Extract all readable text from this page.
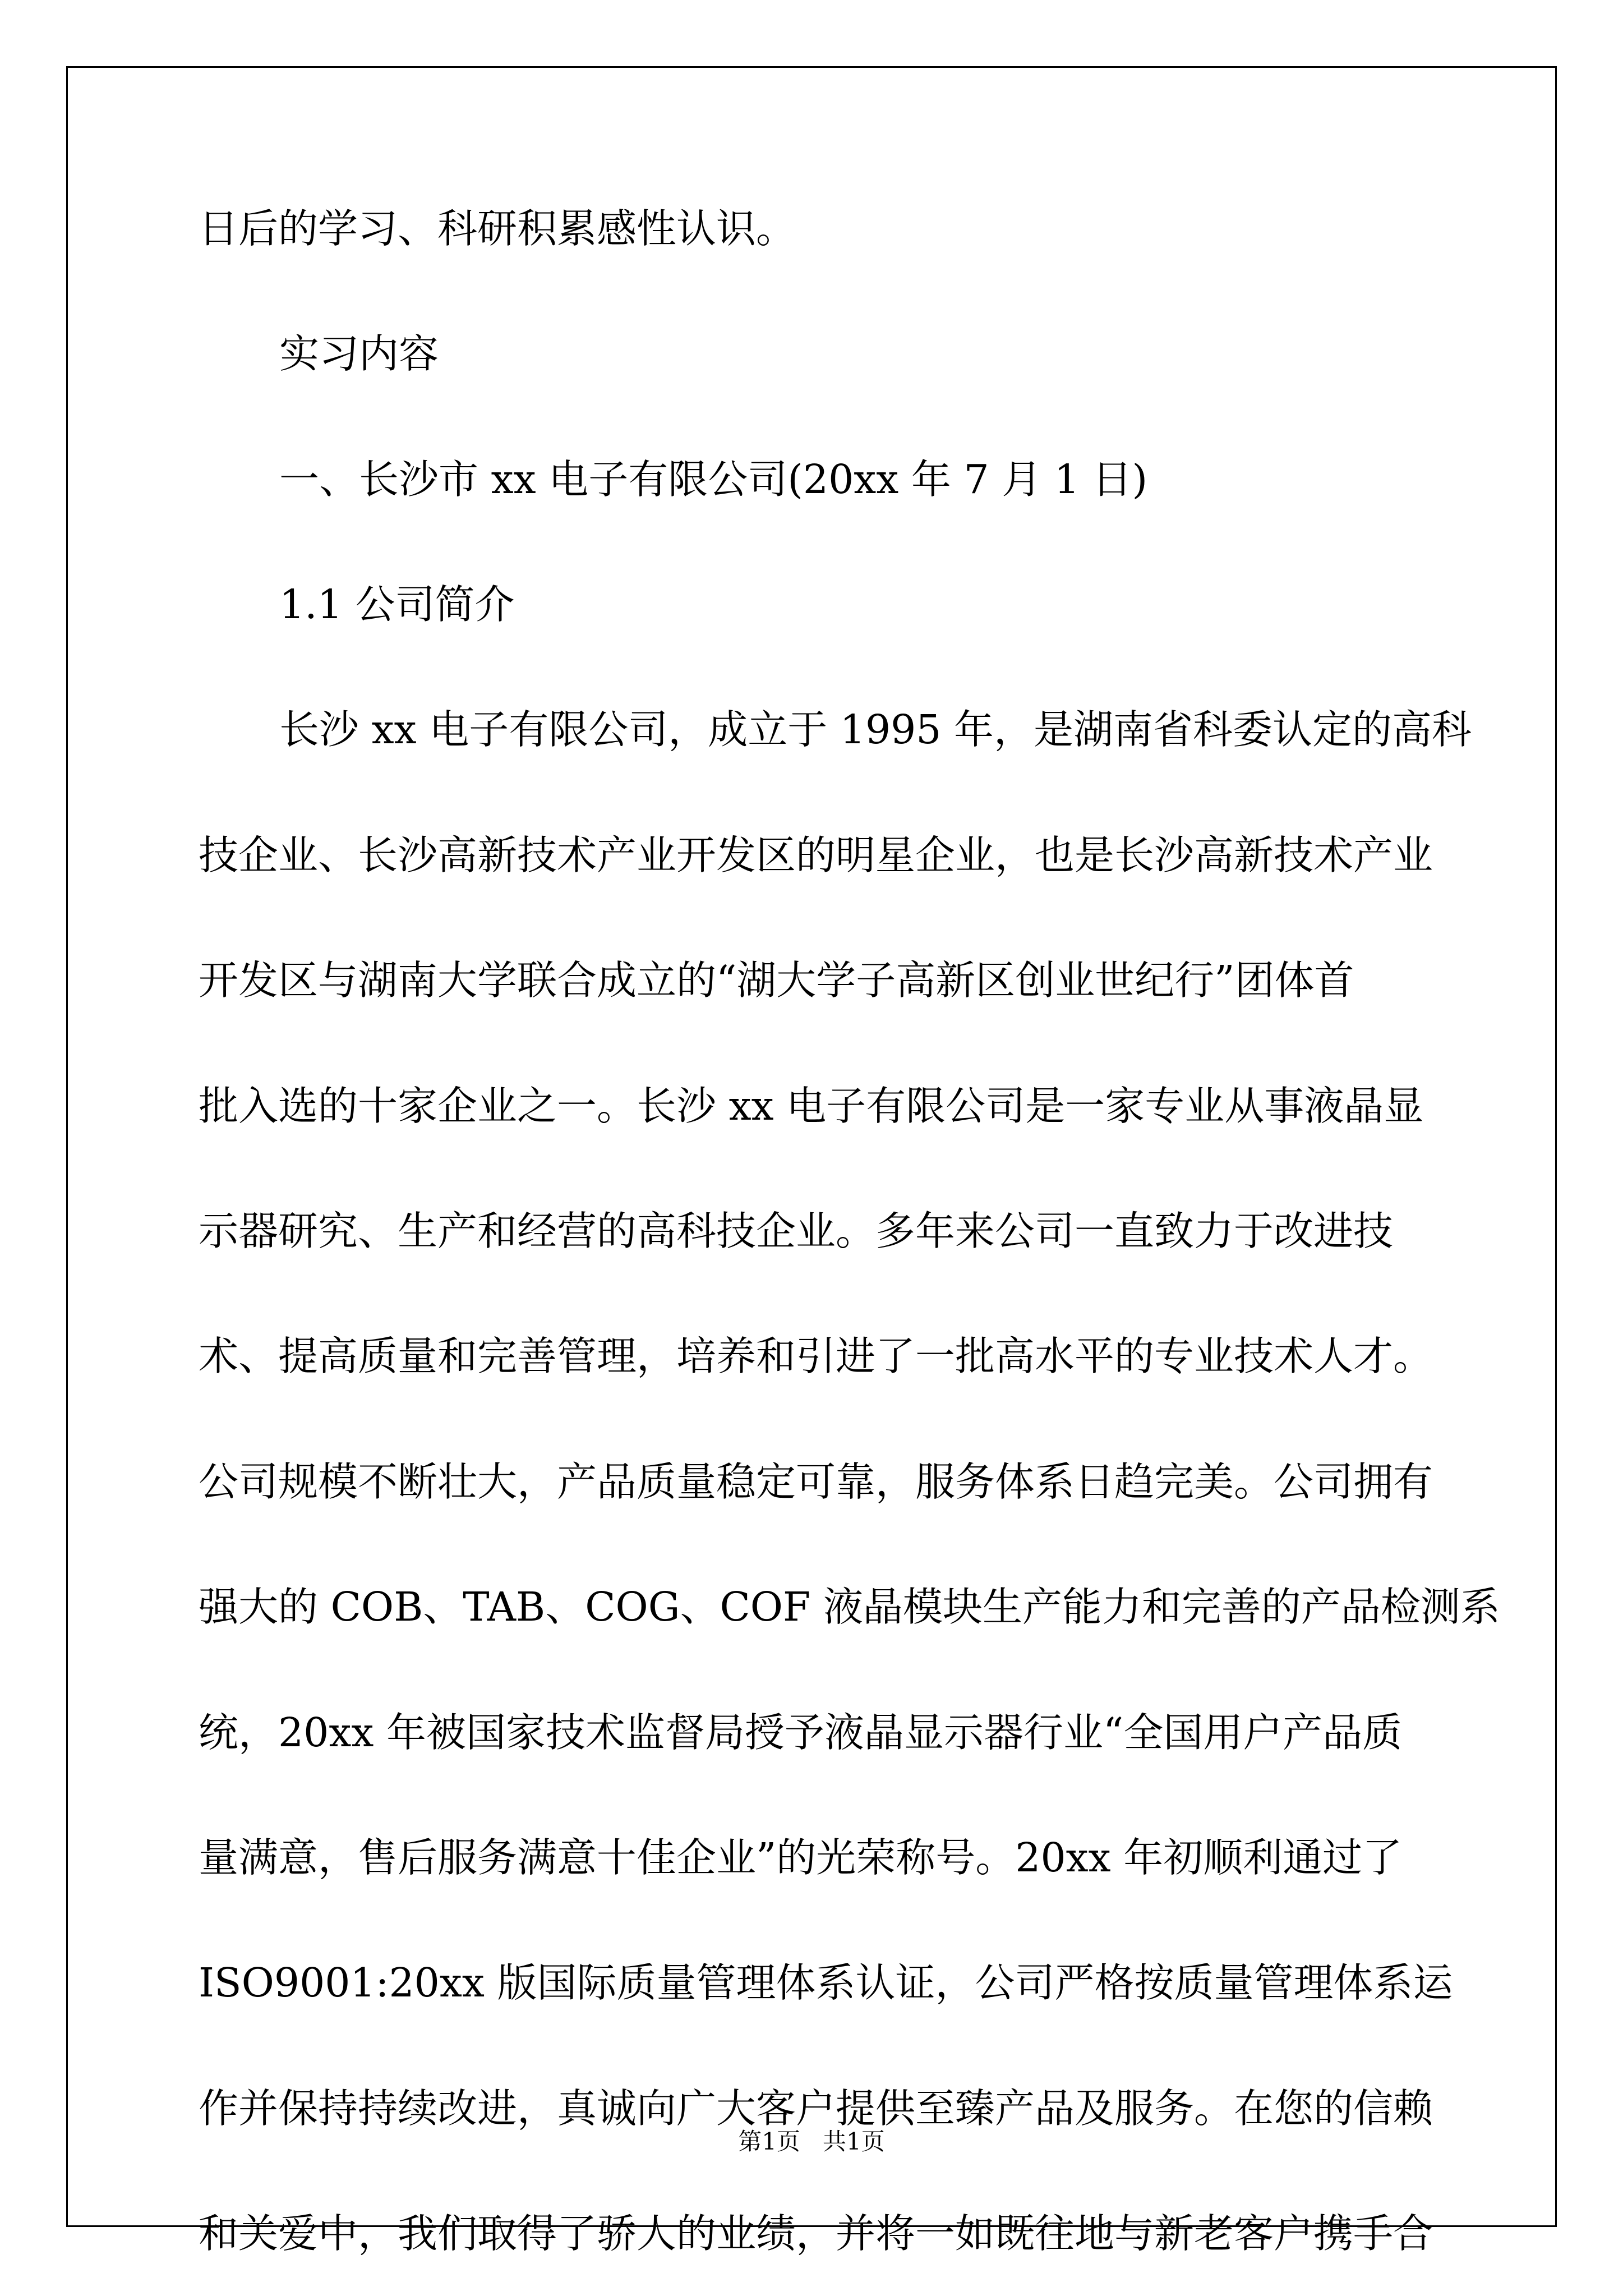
日后的学习、科研积累感性认识。
实习内容
一、长沙市 xx 电子有限公司(20xx 年 7 月 1 日)
1.1 公司简介
长沙 xx 电子有限公司，成立于 1995 年，是湖南省科委认定的高科
技企业、长沙高新技术产业开发区的明星企业，也是长沙高新技术产业
开发区与湖南大学联合成立的“湖大学子高新区创业世纪行”团体首
批入选的十家企业之一。长沙 xx 电子有限公司是一家专业从事液晶显
示器研究、生产和经营的高科技企业。多年来公司一直致力于改进技
术、提高质量和完善管理，培养和引进了一批高水平的专业技术人才。
公司规模不断壮大，产品质量稳定可靠，服务体系日趋完美。公司拥有
强大的 COB、TAB、COG、COF 液晶模块生产能力和完善的产品检测系
统，20xx 年被国家技术监督局授予液晶显示器行业“全国用户产品质
量满意，售后服务满意十佳企业”的光荣称号。20xx 年初顺利通过了
ISO9001:20xx 版国际质量管理体系认证，公司严格按质量管理体系运
作并保持持续改进，真诚向广大客户提供至臻产品及服务。在您的信赖
和关爱中，我们取得了骄人的业绩，并将一如既往地与新老客户携手合
第1页   共1页
